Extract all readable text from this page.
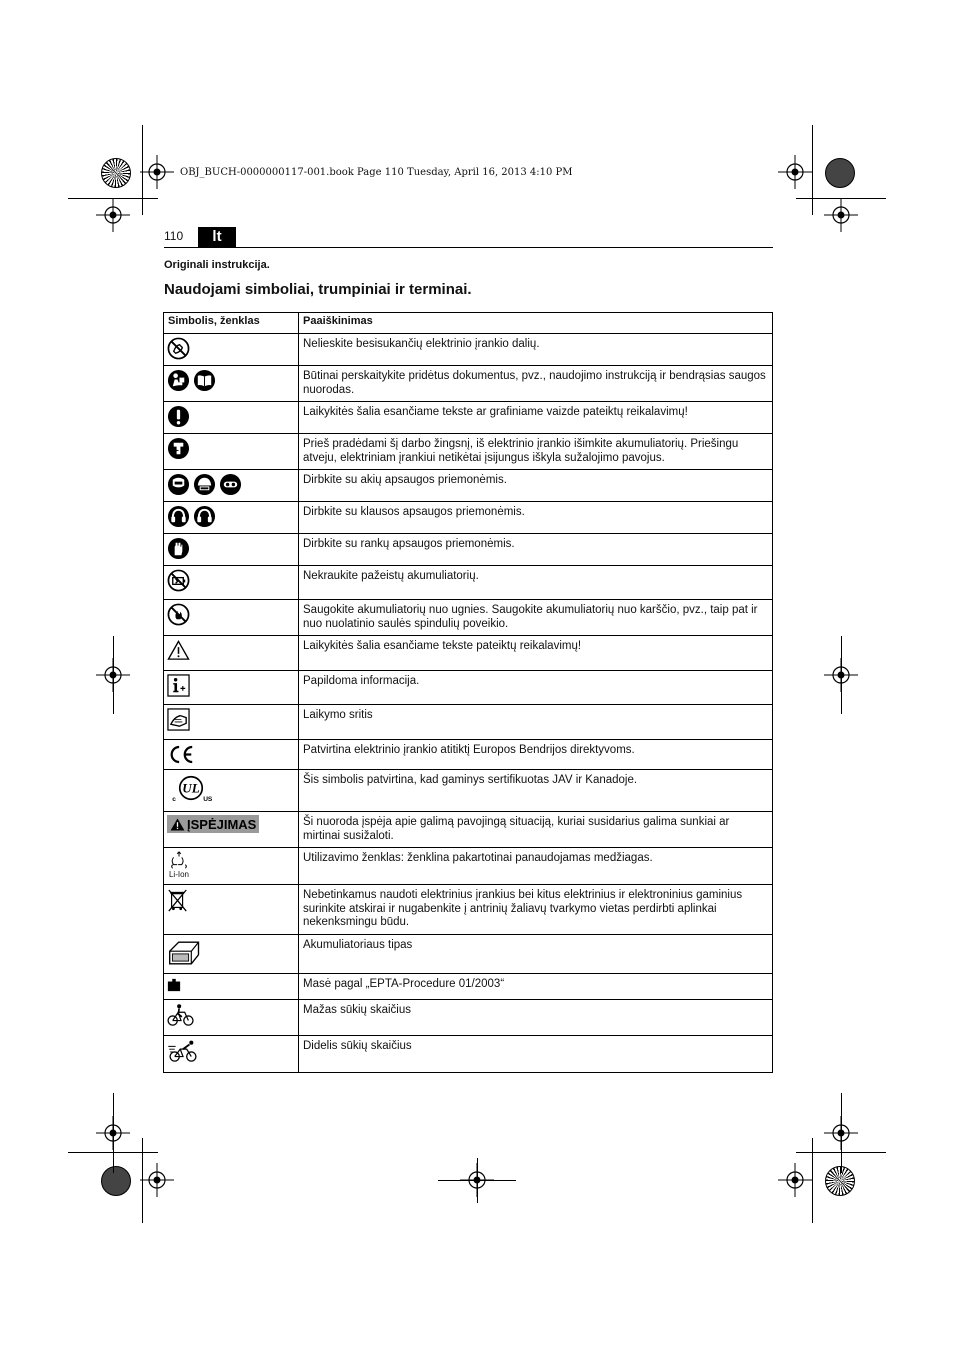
OBJ_BUCH-0000000117-001.book Page 110 Tuesday, April 16, 2013 4:10 PM
110	lt
Originali instrukcija.
Naudojami simboliai, trumpiniai ir terminai.
Simbolis, ženklas	Paaiškinimas
	Nelieskite besisukančių elektrinio įrankio dalių.
	Būtinai perskaitykite pridėtus dokumentus, pvz., naudojimo instrukciją ir bendrąsias saugos nuorodas.
	Laikykitės šalia esančiame tekste ar grafiniame vaizde pateiktų reikalavimų!
	Prieš pradėdami šį darbo žingsnį, iš elektrinio įrankio išimkite akumuliatorių. Priešingu atveju, elektriniam įrankiui netikėtai įsijungus iškyla sužalojimo pavojus.
	Dirbkite su akių apsaugos priemonėmis.
	Dirbkite su klausos apsaugos priemonėmis.
	Dirbkite su rankų apsaugos priemonėmis.
	Nekraukite pažeistų akumuliatorių.
	Saugokite akumuliatorių nuo ugnies. Saugokite akumuliatorių nuo karščio, pvz., taip pat ir nuo nuolatinio saulės spindulių poveikio.
	Laikykitės šalia esančiame tekste pateiktų reikalavimų!
	Papildoma informacija.
	Laikymo sritis
	Patvirtina elektrinio įrankio atitiktį Europos Bendrijos direktyvoms.

UL
c US	Šis simbolis patvirtina, kad gaminys sertifikuotas JAV ir Kanadoje.

ĮSPĖJIMAS	Ši nuoroda įspėja apie galimą pavojingą situaciją, kuriai susidarius galima sunkiai ar mirtinai susižaloti.

Li-Ion	Utilizavimo ženklas: ženklina pakartotinai panaudojamas medžiagas.
	Nebetinkamus naudoti elektrinius įrankius bei kitus elektrinius ir elektroninius gaminius surinkite atskirai ir nugabenkite į antrinių žaliavų tvarkymo vietas perdirbti aplinkai nekenksmingu būdu.
	Akumuliatoriaus tipas
	Masė pagal „EPTA-Procedure 01/2003“
	Mažas sūkių skaičius
	Didelis sūkių skaičius
